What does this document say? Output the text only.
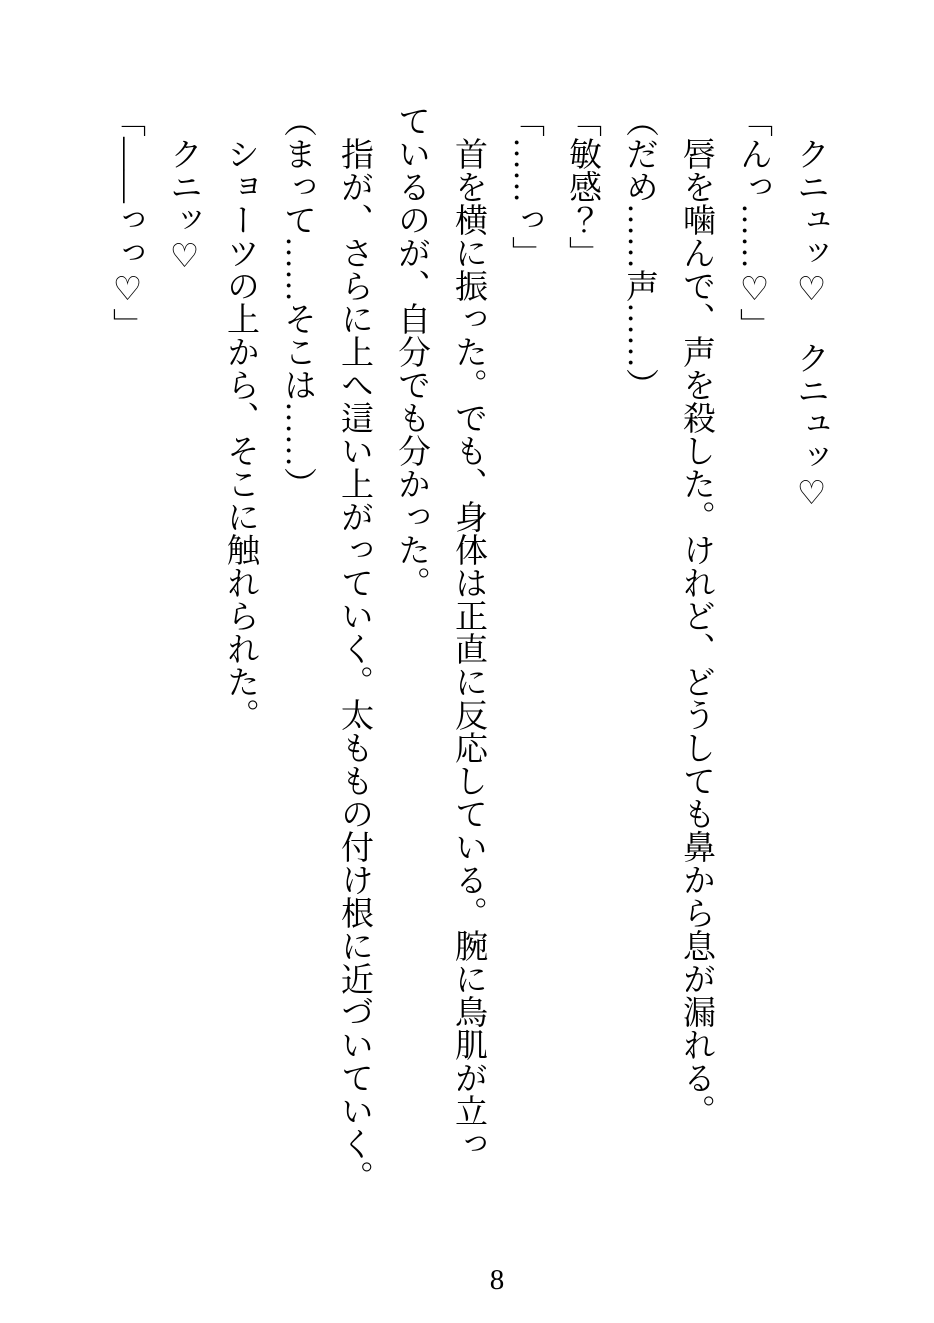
　クニュッ♡　クニュッ♡

「んっ……♡」

　唇を噛んで、声を殺した。けれど、どうしても鼻から息が漏れる。

（だめ……声……）

「敏感？」

「……っ」

　首を横に振った。でも、身体は正直に反応している。腕に鳥肌が立っ

ているのが、自分でも分かった。

　指が、さらに上へ這い上がっていく。太ももの付け根に近づいていく。

（まって……そこは……）

　ショーツの上から、そこに触れられた。

　クニッ♡

「――っっ♡」

8
